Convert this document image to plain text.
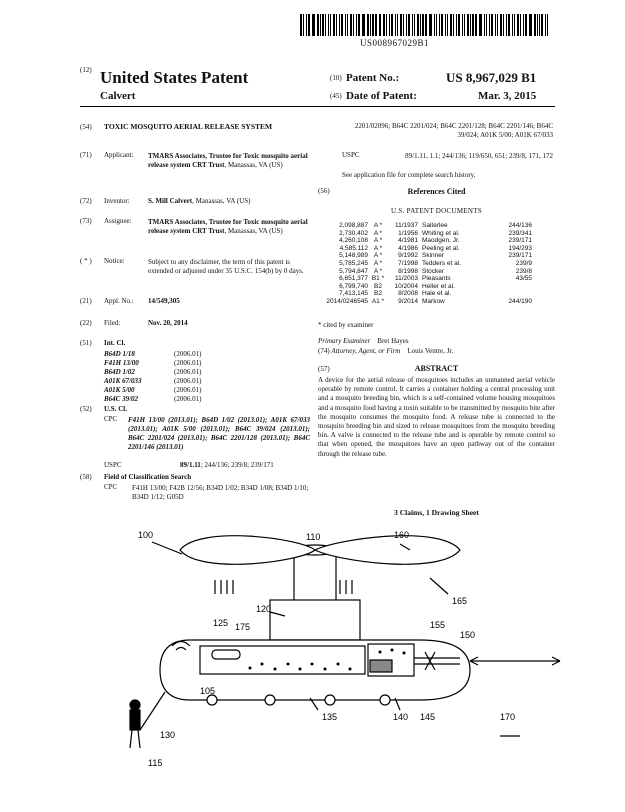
US008967029B1
(12) United States Patent
Calvert
(10) Patent No.:	US 8,967,029 B1
(45) Date of Patent:	Mar. 3, 2015
(54) TOXIC MOSQUITO AERIAL RELEASE SYSTEM
(71) Applicant: TMARS Associates, Trustee for Toxic mosquito aerial release system CRT Trust, Manassas, VA (US)
(72) Inventor:	S. Mill Calvert, Manassas, VA (US)
(73) Assignee: TMARS Associates, Trustee for Toxic mosquito aerial release system CRT Trust, Manassas, VA (US)
( * ) Notice:	Subject to any disclaimer, the term of this patent is extended or adjusted under 35 U.S.C. 154(b) by 0 days.
(21) Appl. No.: 14/549,305
(22) Filed:	Nov. 20, 2014
(51) Int. Cl.
B64D 1/18	(2006.01)
F41H 13/00	(2006.01)
B64D 1/02	(2006.01)
A01K 67/033	(2006.01)
A01K 5/00	(2006.01)
B64C 39/02	(2006.01)
(52) U.S. Cl.
CPC F41H 13/00 (2013.01); B64D 1/02 (2013.01); A01K 67/033 (2013.01); A01K 5/00 (2013.01); B64C 39/024 (2013.01); B64C 2201/024 (2013.01); B64C 2201/128 (2013.01); B64C 2201/146 (2013.01)
USPC	89/1.11; 244/136; 239/8; 239/171
(58) Field of Classification Search
CPC F41H 13/00; F42B 12/56; B34D 1/02; B34D 1/08; B34D 1/10; B34D 1/12; G05D
2201/02096; B64C 2201/024; B64C 2201/128; B64C 2201/146; B64C 39/024; A01K 5/00; A01K 67/033
USPC	89/1.11, 1.1; 244/136; 119/650, 651; 239/8, 171, 172
See application file for complete search history.
(56)	References Cited
U.S. PATENT DOCUMENTS
2,098,887 A *	11/1937 Saiterlee	244/136
2,730,402 A *	1/1956 Whiting et al.	239/341
4,260,108 A *	4/1981 Maodgen, Jr.	239/171
4,585,112 A *	4/1986 Peeling et al.	194/293
5,148,989 A *	9/1992 Skinner	239/171
5,785,245 A *	7/1998 Tedders et al.	239/9
5,794,847 A *	8/1998 Stocker	239/8
6,651,377 B1 *	11/2003 Pleasants	43/55
6,799,740 B2	10/2004 Heller et al.
7,413,145 B2	8/2008 Hale et al.
2014/0246545 A1 *	9/2014 Markow	244/190
* cited by examiner
Primary Examiner Bret Hayes
(74) Attorney, Agent, or Firm Louis Ventre, Jr.
(57)	ABSTRACT
A device for the aerial release of mosquitoes includes an unmanned aerial vehicle operable by remote control. It carries a container holding a central processing unit and a mosquito breeding bin, which is a self-contained volume housing mosquitoes and a mosquito food having a toxin suitable to be transmitted by mosquito bite after the mosquito consumes the mosquito food. A release tube is connected to the mosquito breeding bin and sized to release mosquitoes from the mosquito breeding bin. A valve is connected to the release tube and is operable by remote control so that when opened, the mosquitoes have an open pathway out of the container through the release tube.
3 Claims, 1 Drawing Sheet
100	110	160
165
120
125 175	155
150
105
170
130
135	140 145
115
